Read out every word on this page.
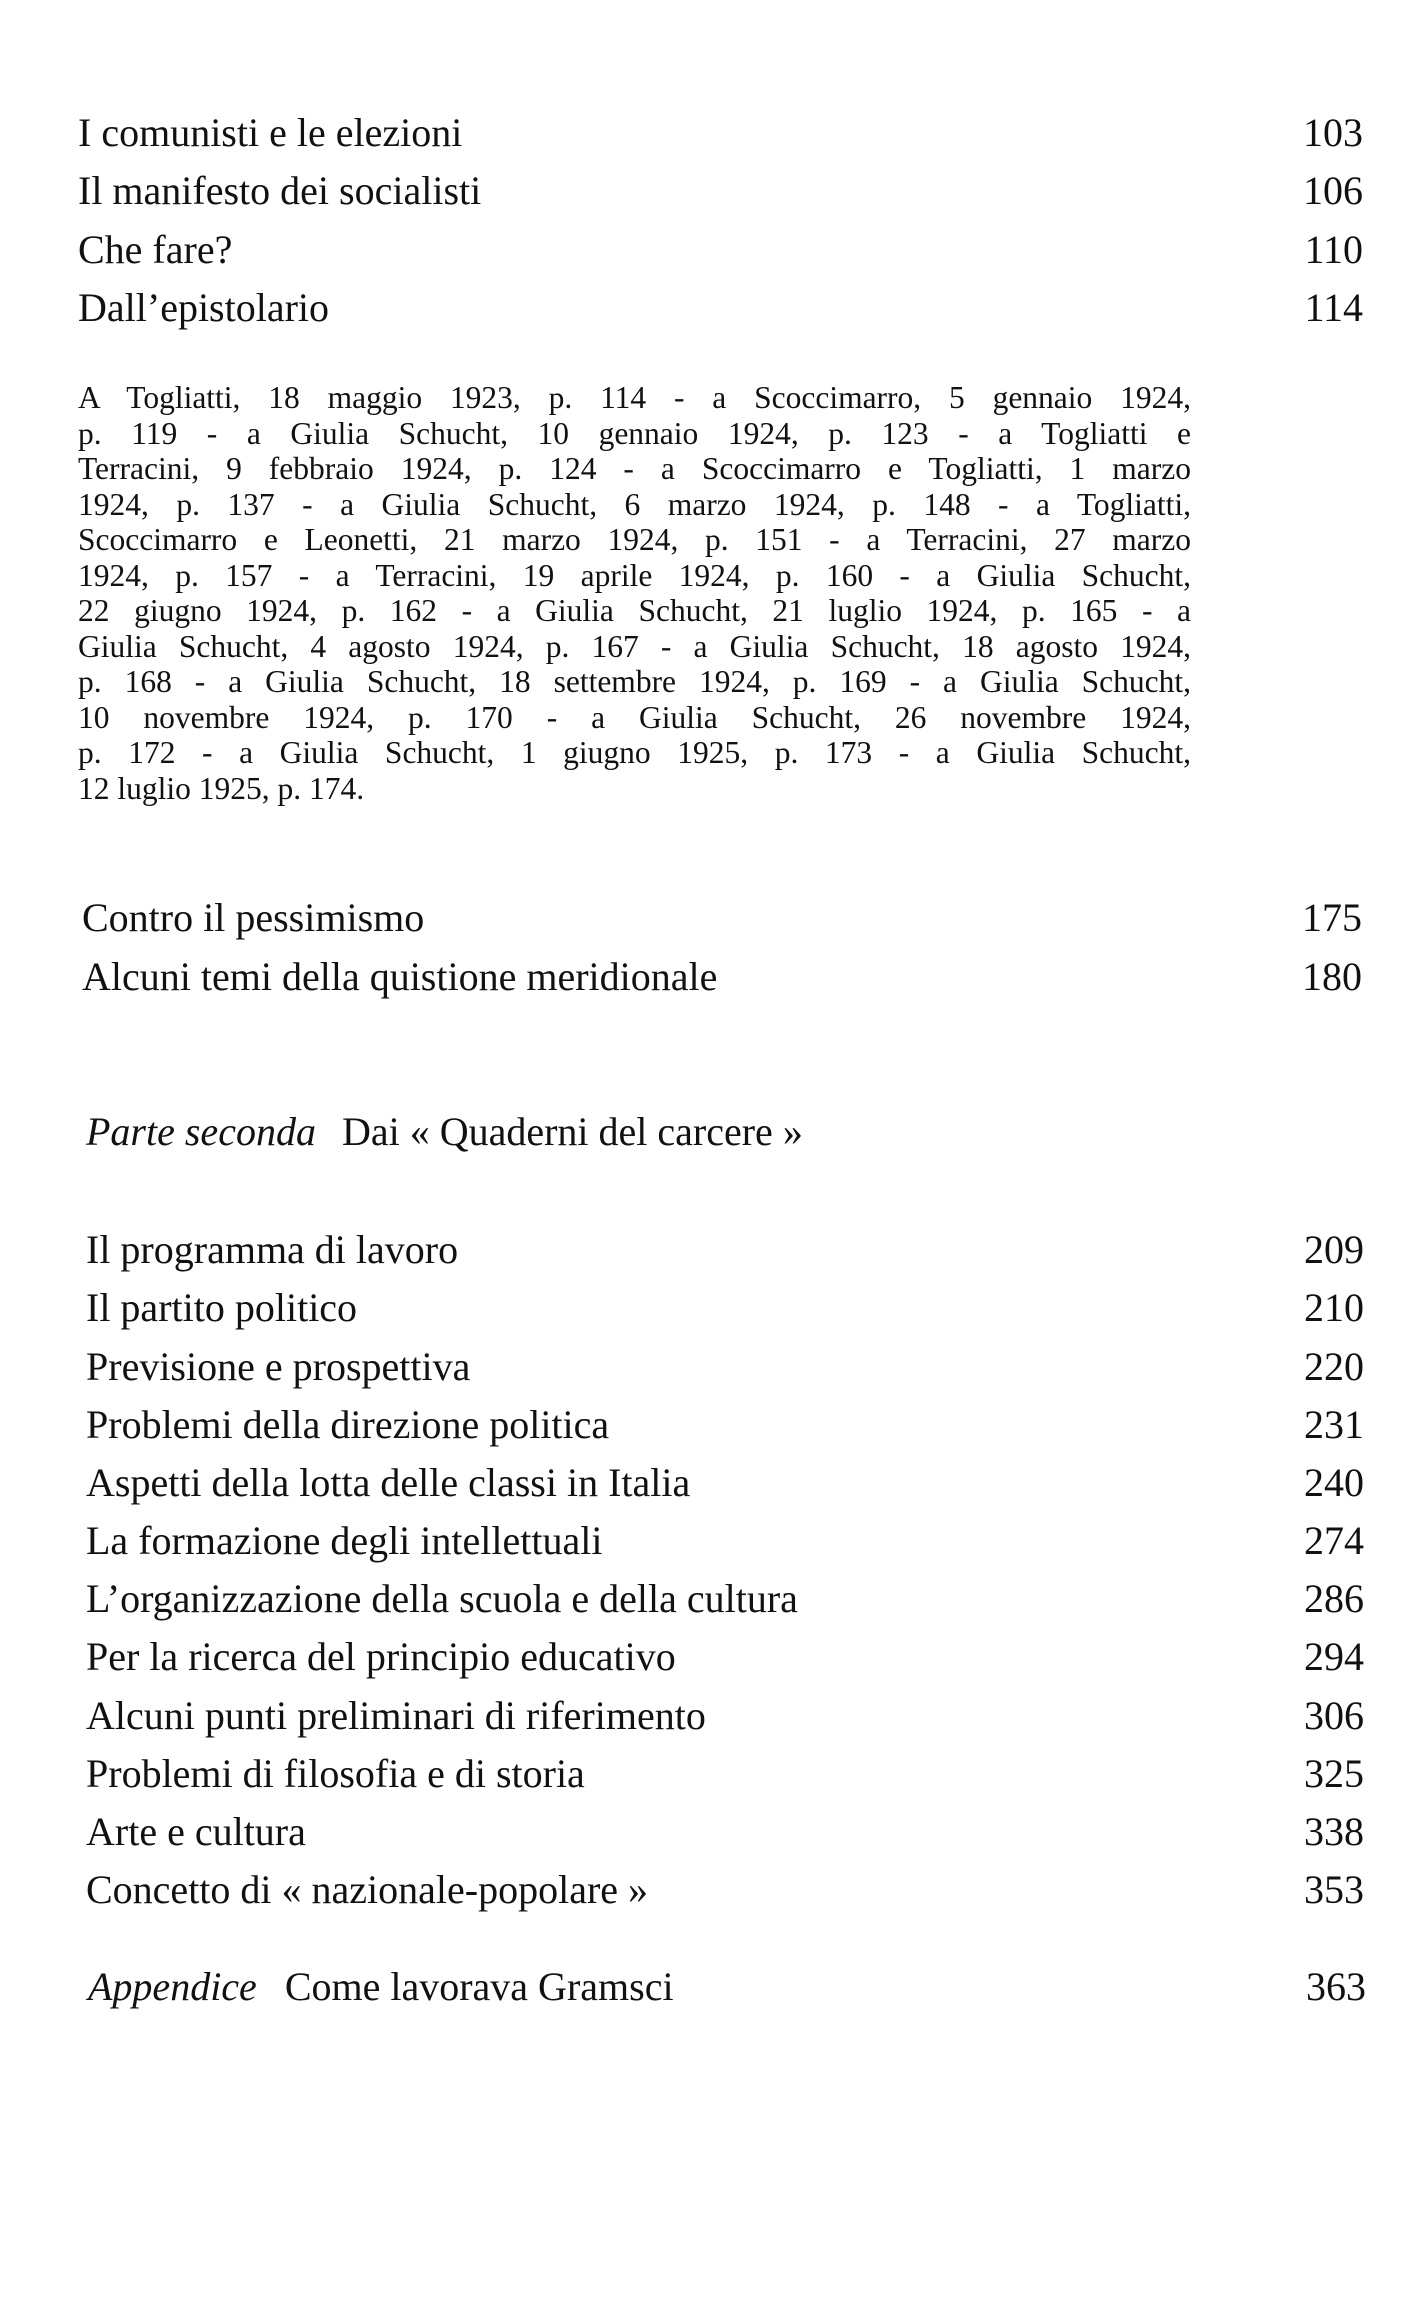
I comunisti e le elezioni	103
Il manifesto dei socialisti	106
Che fare?	110
Dall’epistolario	114
A Togliatti, 18 maggio 1923, p. 114 - a Scoccimarro, 5 gennaio 1924,
p. 119 - a Giulia Schucht, 10 gennaio 1924, p. 123 - a Togliatti e
Terracini, 9 febbraio 1924, p. 124 - a Scoccimarro e Togliatti, 1 marzo
1924, p. 137 - a Giulia Schucht, 6 marzo 1924, p. 148 - a Togliatti,
Scoccimarro e Leonetti, 21 marzo 1924, p. 151 - a Terracini, 27 marzo
1924, p. 157 - a Terracini, 19 aprile 1924, p. 160 - a Giulia Schucht,
22 giugno 1924, p. 162 - a Giulia Schucht, 21 luglio 1924, p. 165 - a
Giulia Schucht, 4 agosto 1924, p. 167 - a Giulia Schucht, 18 agosto 1924,
p. 168 - a Giulia Schucht, 18 settembre 1924, p. 169 - a Giulia Schucht,
10 novembre 1924, p. 170 - a Giulia Schucht, 26 novembre 1924,
p. 172 - a Giulia Schucht, 1 giugno 1925, p. 173 - a Giulia Schucht,
12 luglio 1925, p. 174.
Contro il pessimismo	175
Alcuni temi della quistione meridionale	180
Parte seconda Dai « Quaderni del carcere »
Il programma di lavoro	209
Il partito politico	210
Previsione e prospettiva	220
Problemi della direzione politica	231
Aspetti della lotta delle classi in Italia	240
La formazione degli intellettuali	274
L’organizzazione della scuola e della cultura	286
Per la ricerca del principio educativo	294
Alcuni punti preliminari di riferimento	306
Problemi di filosofia e di storia	325
Arte e cultura	338
Concetto di « nazionale-popolare »	353
Appendice Come lavorava Gramsci	363
